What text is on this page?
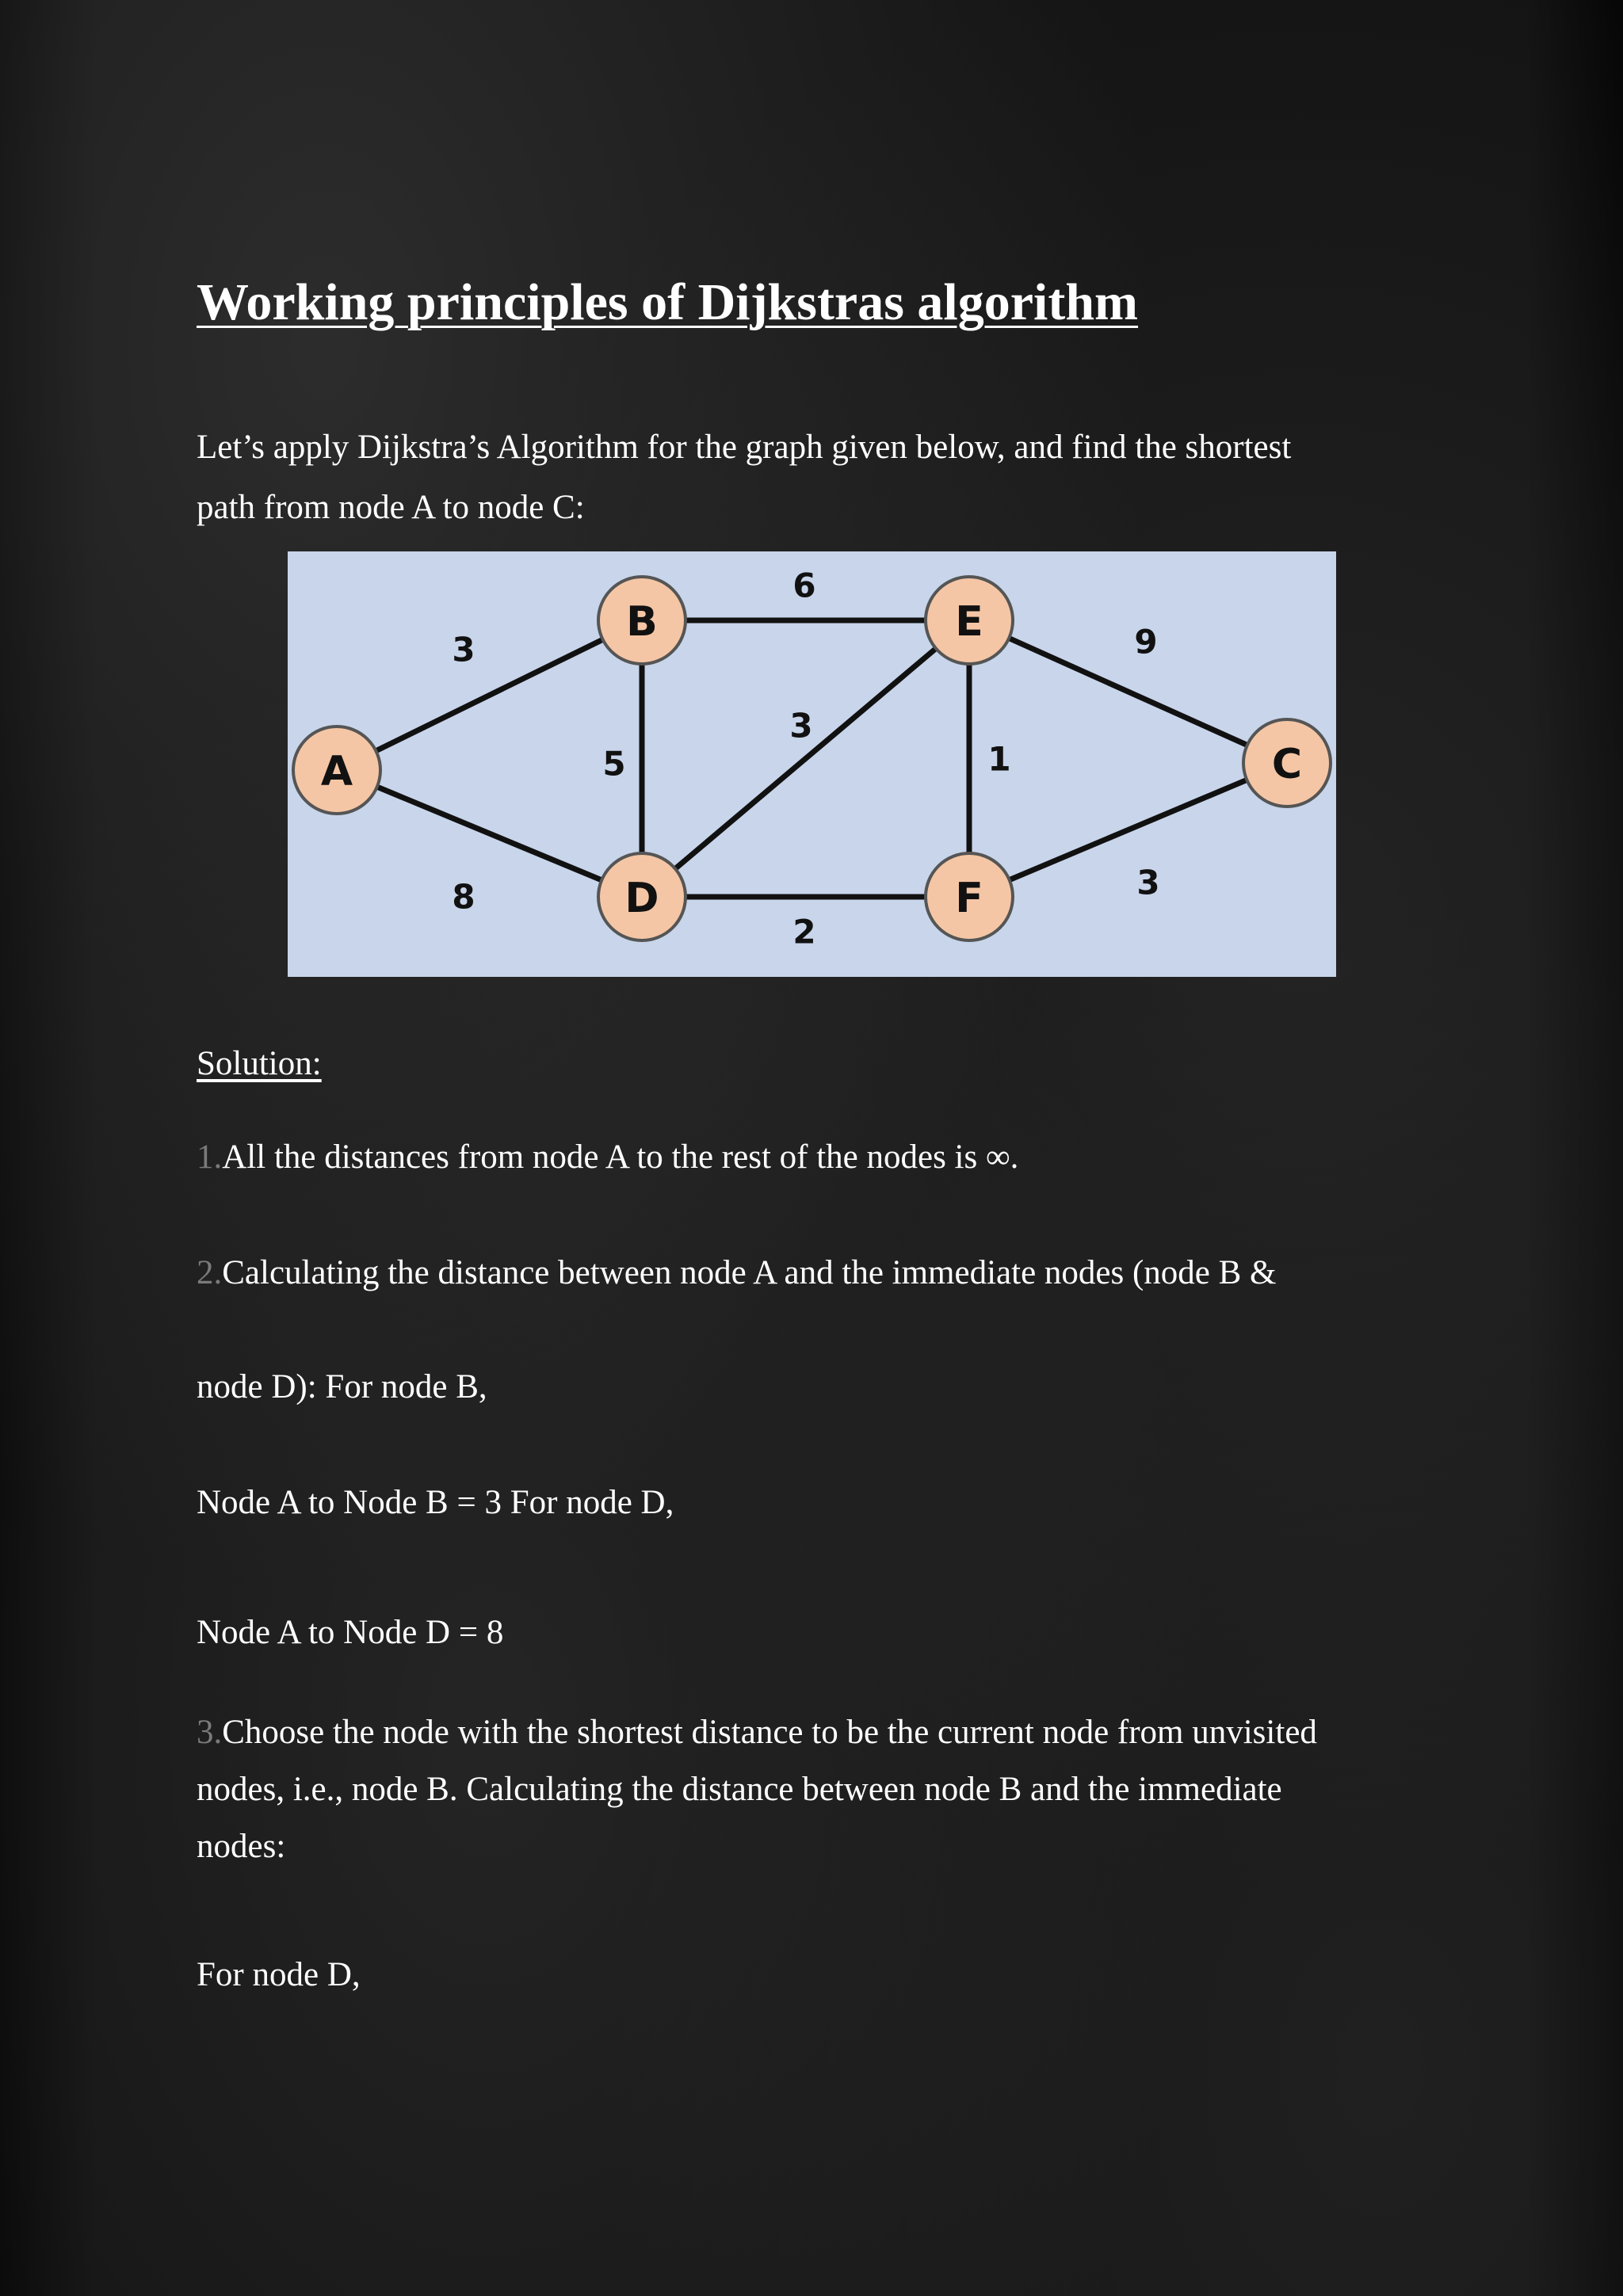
Working principles of Dijkstras algorithm

Let’s apply Dijkstra’s Algorithm for the graph given below, and find the shortest

path from node A to node C:

3
8
5
6
3
2
1
9
3
A
B
D
E
F
C

Solution:

1.All the distances from node A to the rest of the nodes is ∞.

2.Calculating the distance between node A and the immediate nodes (node B &

node D): For node B,

Node A to Node B = 3 For node D,

Node A to Node D = 8

3.Choose the node with the shortest distance to be the current node from unvisited

nodes, i.e., node B. Calculating the distance between node B and the immediate

nodes:

For node D,
